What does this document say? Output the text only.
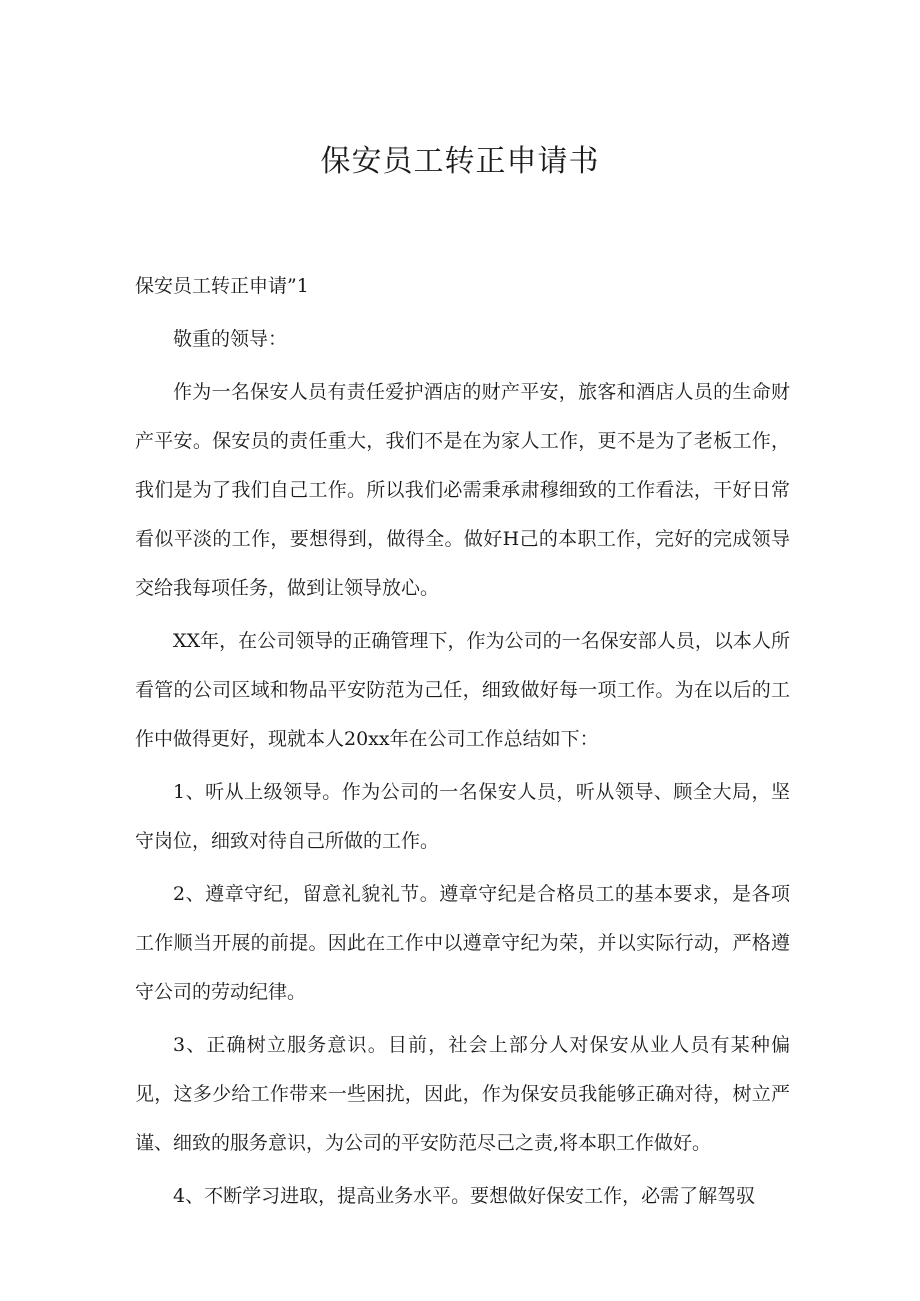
保安员工转正申请书

保安员工转正申请”1

敬重的领导：

作为一名保安人员有责任爱护酒店的财产平安，旅客和酒店人员的生命财产平安。保安员的责任重大，我们不是在为家人工作，更不是为了老板工作，我们是为了我们自己工作。所以我们必需秉承肃穆细致的工作看法，干好日常看似平淡的工作，要想得到，做得全。做好H己的本职工作，完好的完成领导交给我每项任务，做到让领导放心。

XX年，在公司领导的正确管理下，作为公司的一名保安部人员，以本人所看管的公司区域和物品平安防范为己任，细致做好每一项工作。为在以后的工作中做得更好，现就本人20xx年在公司工作总结如下：

1、听从上级领导。作为公司的一名保安人员，听从领导、顾全大局，坚守岗位，细致对待自己所做的工作。

2、遵章守纪，留意礼貌礼节。遵章守纪是合格员工的基本要求，是各项工作顺当开展的前提。因此在工作中以遵章守纪为荣，并以实际行动，严格遵守公司的劳动纪律。

3、正确树立服务意识。目前，社会上部分人对保安从业人员有某种偏见，这多少给工作带来一些困扰，因此，作为保安员我能够正确对待，树立严谨、细致的服务意识，为公司的平安防范尽己之责,将本职工作做好。

4、不断学习进取，提高业务水平。要想做好保安工作，必需了解驾驭
